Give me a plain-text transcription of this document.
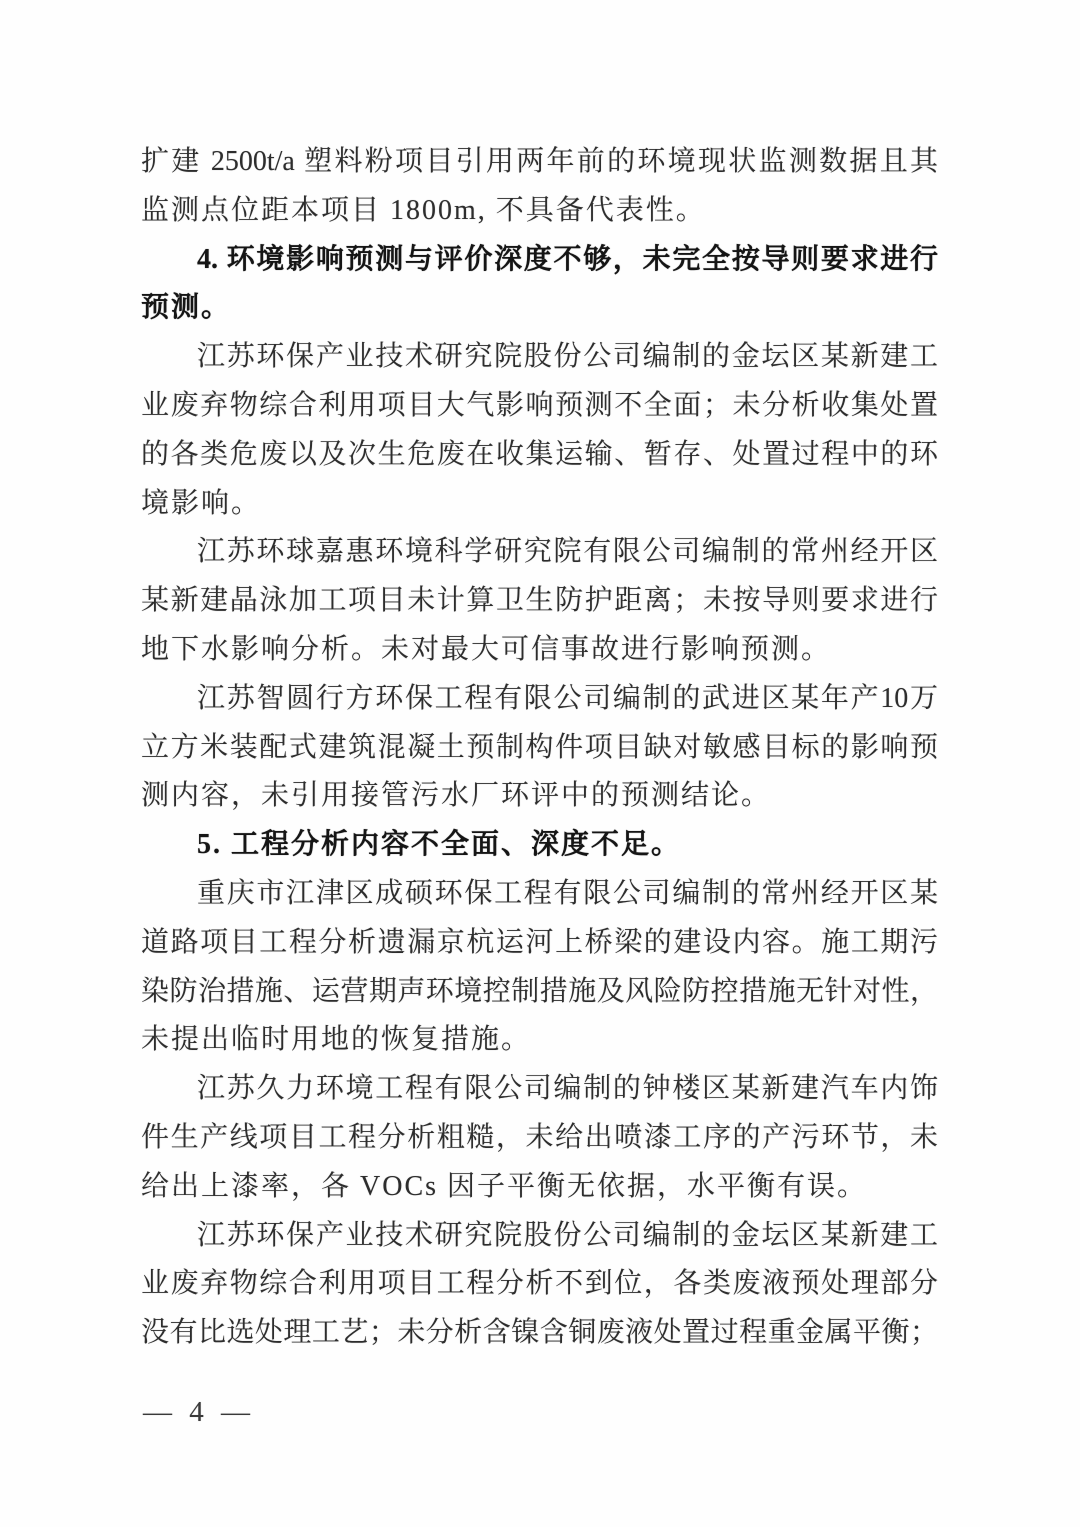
扩建 2500t/a 塑料粉项目引用两年前的环境现状监测数据且其
监测点位距本项目 1800m, 不具备代表性。
4. 环境影响预测与评价深度不够，未完全按导则要求进行
预测。
江苏环保产业技术研究院股份公司编制的金坛区某新建工
业废弃物综合利用项目大气影响预测不全面；未分析收集处置
的各类危废以及次生危废在收集运输、暂存、处置过程中的环
境影响。
江苏环球嘉惠环境科学研究院有限公司编制的常州经开区
某新建晶泳加工项目未计算卫生防护距离；未按导则要求进行
地下水影响分析。未对最大可信事故进行影响预测。
江苏智圆行方环保工程有限公司编制的武进区某年产10万
立方米装配式建筑混凝土预制构件项目缺对敏感目标的影响预
测内容，未引用接管污水厂环评中的预测结论。
5. 工程分析内容不全面、深度不足。
重庆市江津区成硕环保工程有限公司编制的常州经开区某
道路项目工程分析遗漏京杭运河上桥梁的建设内容。施工期污
染防治措施、运营期声环境控制措施及风险防控措施无针对性，
未提出临时用地的恢复措施。
江苏久力环境工程有限公司编制的钟楼区某新建汽车内饰
件生产线项目工程分析粗糙，未给出喷漆工序的产污环节，未
给出上漆率，各 VOCs 因子平衡无依据，水平衡有误。
江苏环保产业技术研究院股份公司编制的金坛区某新建工
业废弃物综合利用项目工程分析不到位，各类废液预处理部分
没有比选处理工艺；未分析含镍含铜废液处置过程重金属平衡；
— 4 —
